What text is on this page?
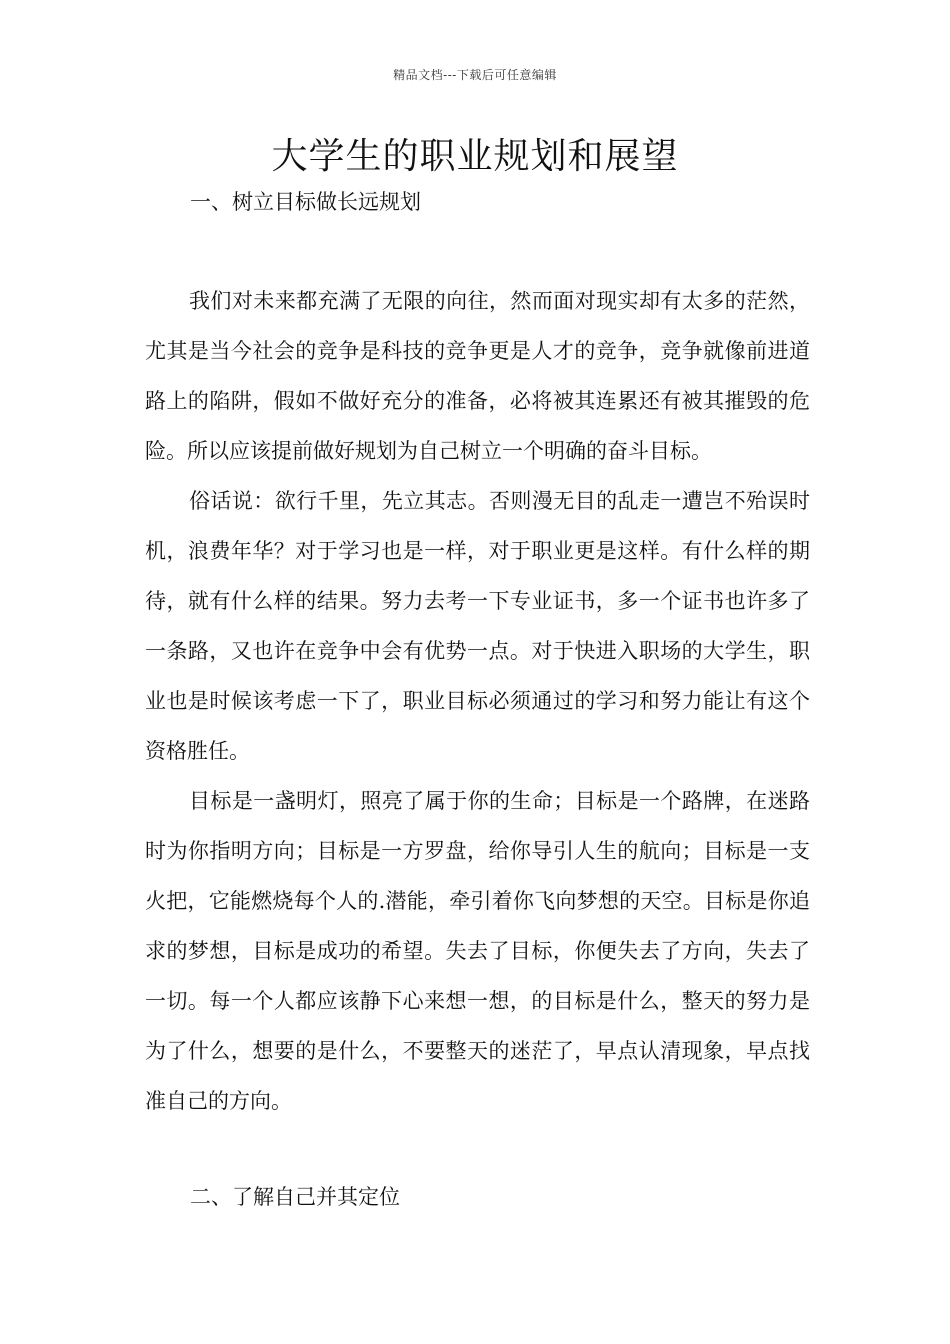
精品文档---下载后可任意编辑
大学生的职业规划和展望
一、树立目标做长远规划

我们对未来都充满了无限的向往，然而面对现实却有太多的茫然，尤其是当今社会的竞争是科技的竞争更是人才的竞争，竞争就像前进道路上的陷阱，假如不做好充分的准备，必将被其连累还有被其摧毁的危险。所以应该提前做好规划为自己树立一个明确的奋斗目标。

俗话说：欲行千里，先立其志。否则漫无目的乱走一遭岂不殆误时机，浪费年华？对于学习也是一样，对于职业更是这样。有什么样的期待，就有什么样的结果。努力去考一下专业证书，多一个证书也许多了一条路，又也许在竞争中会有优势一点。对于快进入职场的大学生，职业也是时候该考虑一下了，职业目标必须通过的学习和努力能让有这个资格胜任。

目标是一盏明灯，照亮了属于你的生命；目标是一个路牌，在迷路时为你指明方向；目标是一方罗盘，给你导引人生的航向；目标是一支火把，它能燃烧每个人的.潜能，牵引着你飞向梦想的天空。目标是你追求的梦想，目标是成功的希望。失去了目标，你便失去了方向，失去了一切。每一个人都应该静下心来想一想，的目标是什么，整天的努力是为了什么，想要的是什么，不要整天的迷茫了，早点认清现象，早点找准自己的方向。

二、了解自己并其定位
